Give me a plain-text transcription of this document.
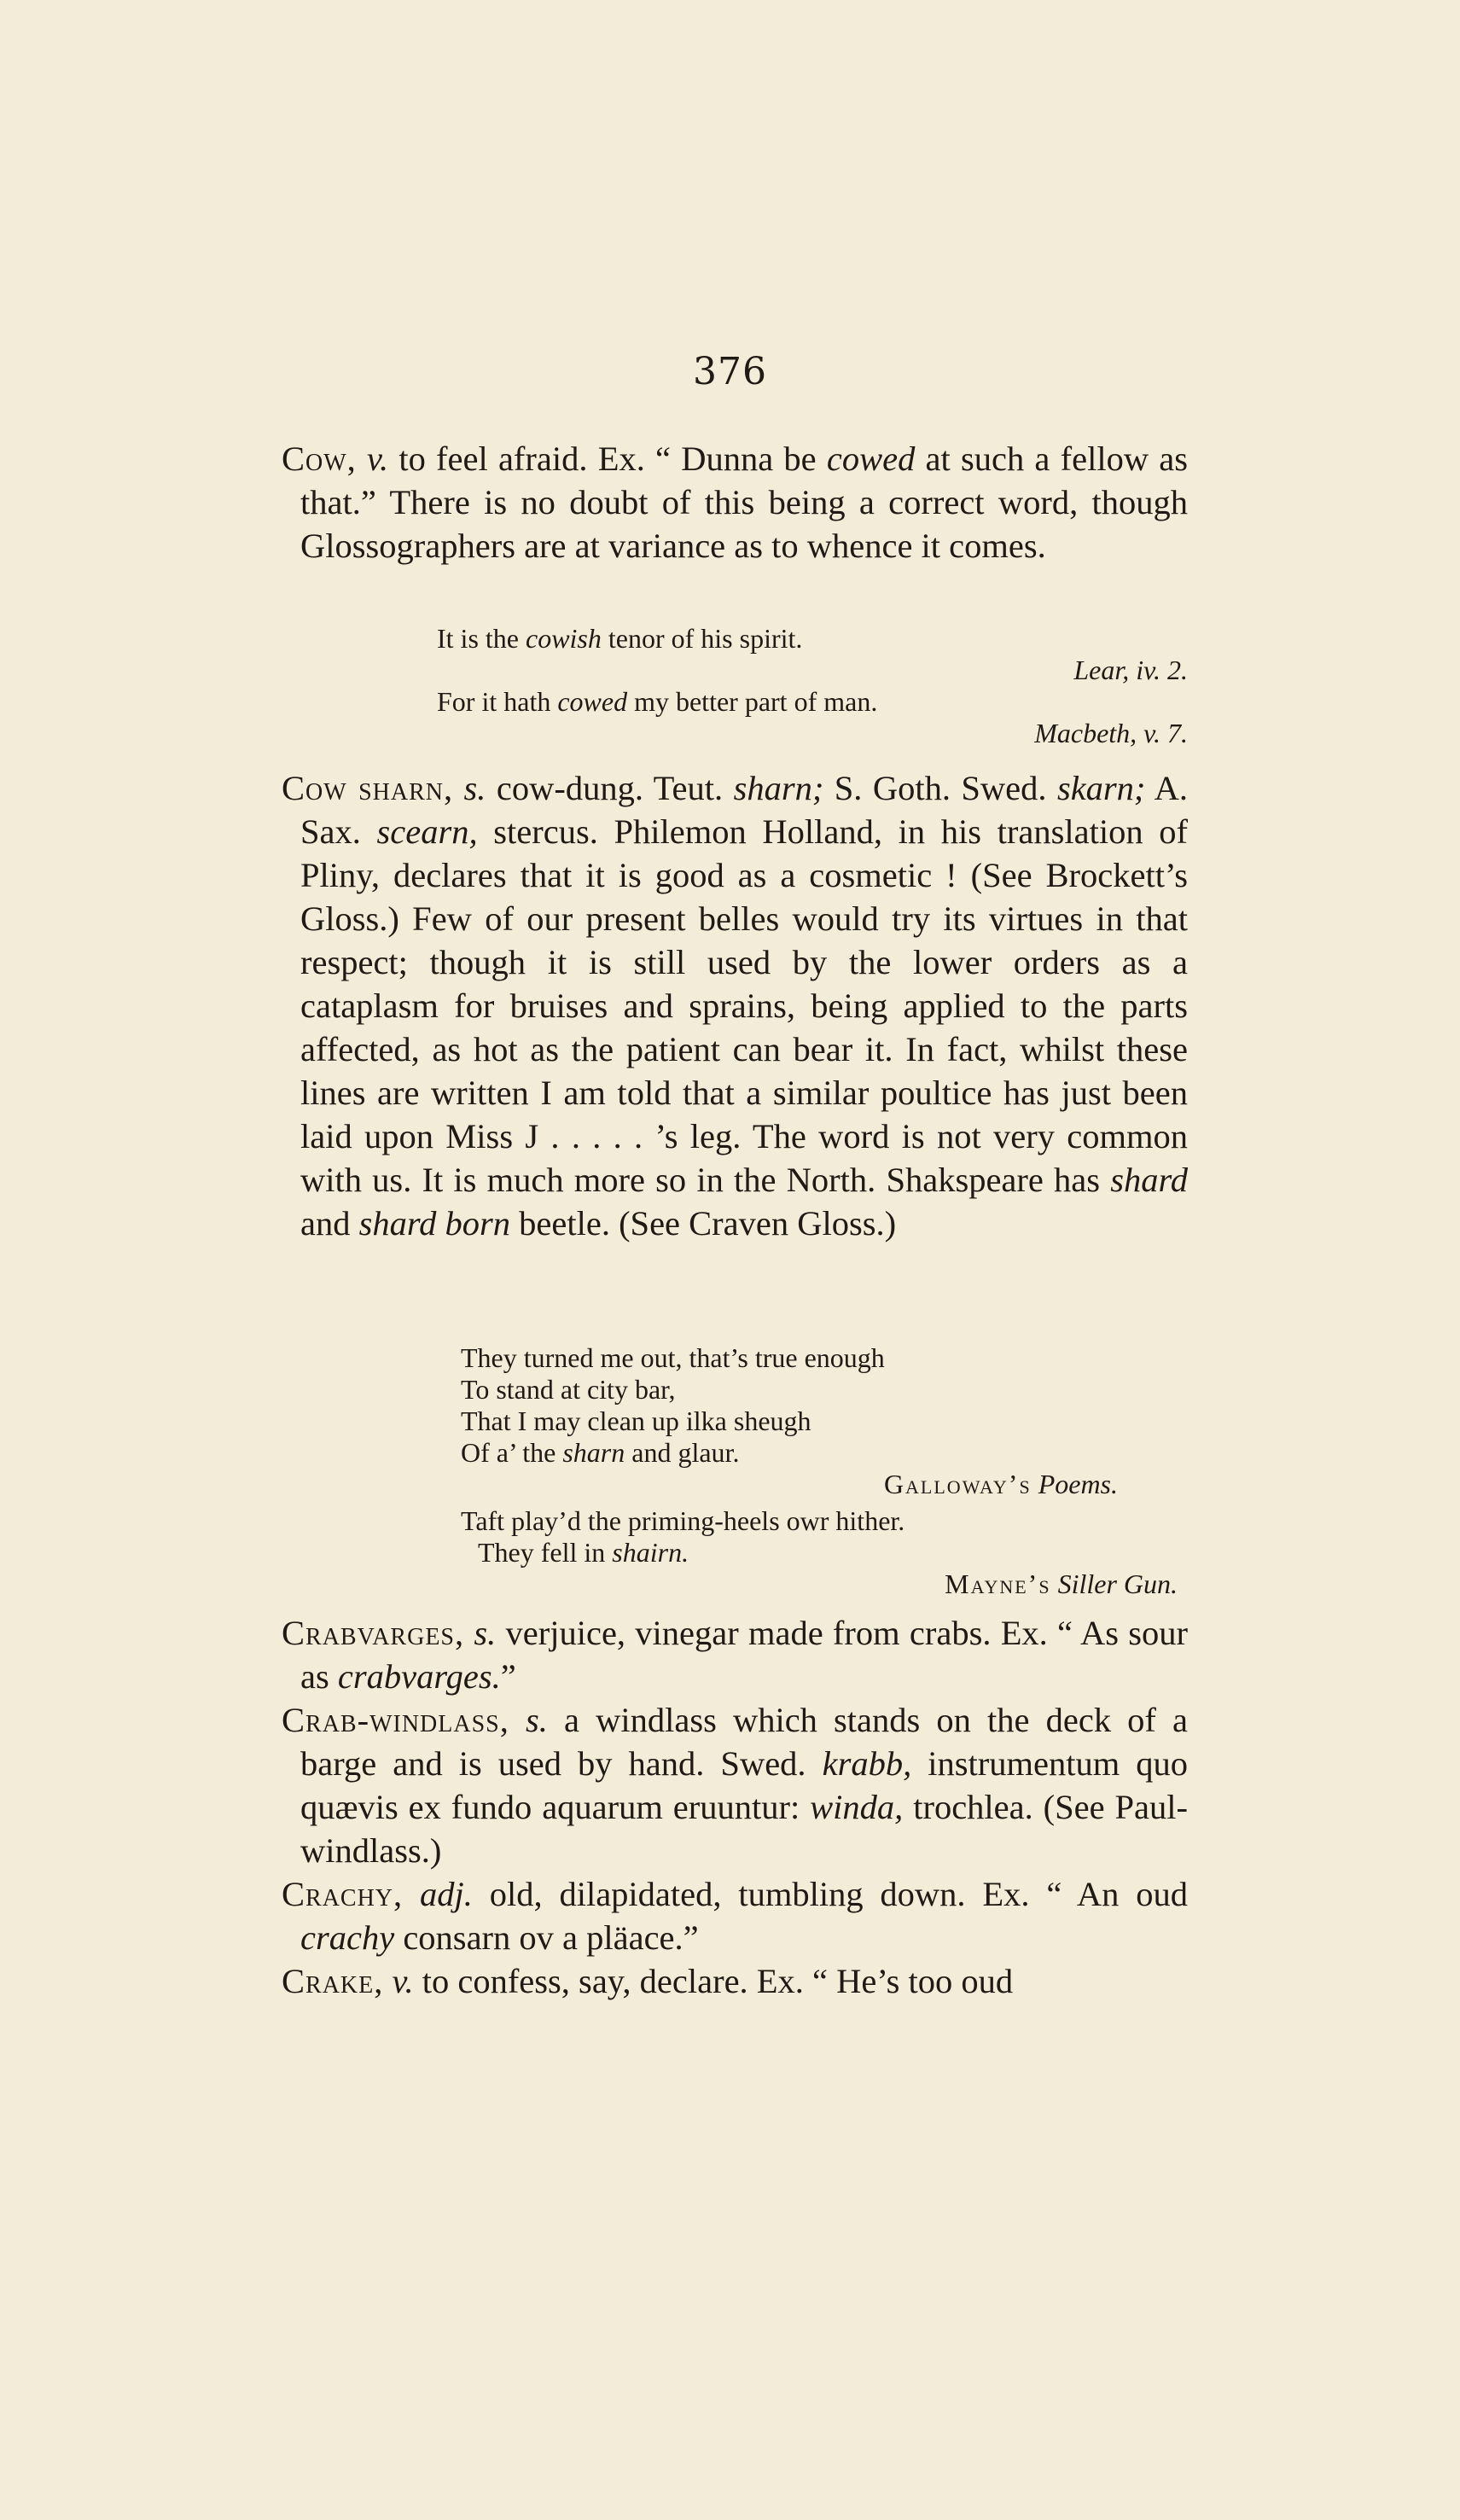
376

Cow, v. to feel afraid. Ex. “ Dunna be cowed at such a fellow as that.” There is no doubt of this being a correct word, though Glossographers are at variance as to whence it comes.

It is the cowish tenor of his spirit.
Lear, iv. 2.
For it hath cowed my better part of man.
Macbeth, v. 7.

Cow sharn, s. cow-dung. Teut. sharn; S. Goth. Swed. skarn; A. Sax. scearn, stercus. Philemon Holland, in his translation of Pliny, declares that it is good as a cosmetic ! (See Brockett’s Gloss.) Few of our present belles would try its virtues in that respect; though it is still used by the lower orders as a cataplasm for bruises and sprains, being applied to the parts affected, as hot as the patient can bear it. In fact, whilst these lines are written I am told that a similar poultice has just been laid upon Miss J . . . . . ’s leg. The word is not very common with us. It is much more so in the North. Shakspeare has shard and shard born beetle. (See Craven Gloss.)

They turned me out, that’s true enough
To stand at city bar,
That I may clean up ilka sheugh
Of a’ the sharn and glaur.
Galloway’s Poems.
Taft play’d the priming-heels owr hither.
They fell in shairn.
Mayne’s Siller Gun.

Crabvarges, s. verjuice, vinegar made from crabs. Ex. “ As sour as crabvarges.”

Crab-windlass, s. a windlass which stands on the deck of a barge and is used by hand. Swed. krabb, instrumentum quo quævis ex fundo aquarum eruuntur: winda, trochlea. (See Paul-windlass.)

Crachy, adj. old, dilapidated, tumbling down. Ex. “ An oud crachy consarn ov a pläace.”

Crake, v. to confess, say, declare. Ex. “ He’s too oud
